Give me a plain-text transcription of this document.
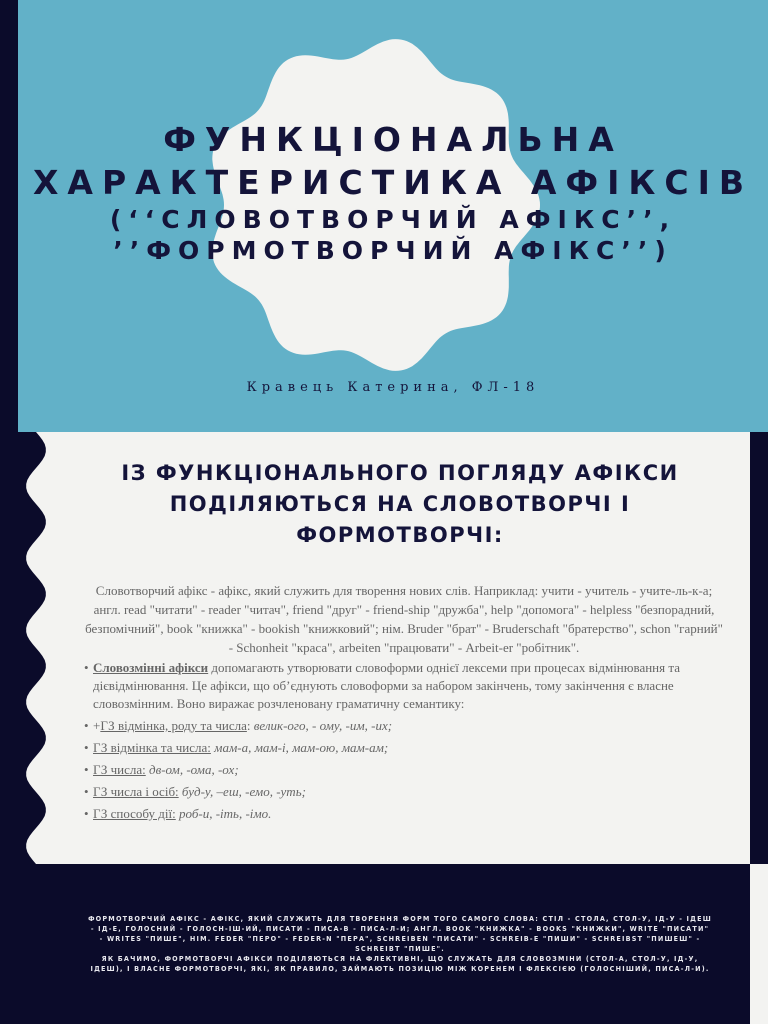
ФУНКЦІОНАЛЬНА ХАРАКТЕРИСТИКА АФІКСІВ
(‘‘СЛОВОТВОРЧИЙ АФІКС’’, ’’ФОРМОТВОРЧИЙ АФІКС’’)

Кравець Катерина, ФЛ-18

ІЗ ФУНКЦІОНАЛЬНОГО ПОГЛЯДУ АФІКСИ ПОДІЛЯЮТЬСЯ НА СЛОВОТВОРЧІ І ФОРМОТВОРЧІ:

Словотворчий афікс - афікс, який служить для творення нових слів. Наприклад: учити - учитель - учите-ль-к-а; англ. read "читати" - reader "читач", friend "друг" - friend-ship "дружба", help "допомога" - helpless "безпорадний, безпомічний", book "книжка" - bookish "книжковий"; нім. Bruder "брат" - Bruderschaft "братерство", schon "гарний" - Schonheit "краса", arbeiten "працювати" - Arbeit-er "робітник".

• Словозмінні афікси допомагають утворювати словоформи однієї лексеми при процесах відмінювання та дієвідмінювання. Це афікси, що об’єднують словоформи за набором закінчень, тому закінчення є власне словозмінним. Воно виражає розчленовану граматичну семантику:
• +ГЗ відмінка, роду та числа: велик-ого, - ому, -им, -их;
• ГЗ відмінка та числа: мам-а, мам-і, мам-ою, мам-ам;
• ГЗ числа: дв-ом, -ома, -ох;
• ГЗ числа і осіб: буд-у, –еш, -емо, -уть;
• ГЗ способу дії: роб-и, -іть, -імо.

ФОРМОТВОРЧИЙ АФІКС - АФІКС, ЯКИЙ СЛУЖИТЬ ДЛЯ ТВОРЕННЯ ФОРМ ТОГО САМОГО СЛОВА: СТІЛ - СТОЛА, СТОЛ-У, ІД-У - ІДЕШ - ІД-Е, ГОЛОСНИЙ - ГОЛОСН-ІШ-ИЙ, ПИСАТИ - ПИСА-В - ПИСА-Л-И; АНГЛ. BOOK "КНИЖКА" - BOOKS "КНИЖКИ", WRITE "ПИСАТИ" - WRITES "ПИШЕ", НІМ. FEDER "ПЕРО" - FEDER-N "ПЕРА", SCHREIBEN "ПИСАТИ" - SCHREIB-E "ПИШИ" - SCHREIBST "ПИШЕШ" - SCHREIBT "ПИШЕ".
ЯК БАЧИМО, ФОРМОТВОРЧІ АФІКСИ ПОДІЛЯЮТЬСЯ НА ФЛЕКТИВНІ, ЩО СЛУЖАТЬ ДЛЯ СЛОВОЗМІНИ (СТОЛ-А, СТОЛ-У, ІД-У, ІДЕШ), І ВЛАСНЕ ФОРМОТВОРЧІ, ЯКІ, ЯК ПРАВИЛО, ЗАЙМАЮТЬ ПОЗИЦІЮ МІЖ КОРЕНЕМ І ФЛЕКСІЄЮ (ГОЛОСНІШИЙ, ПИСА-Л-И).
